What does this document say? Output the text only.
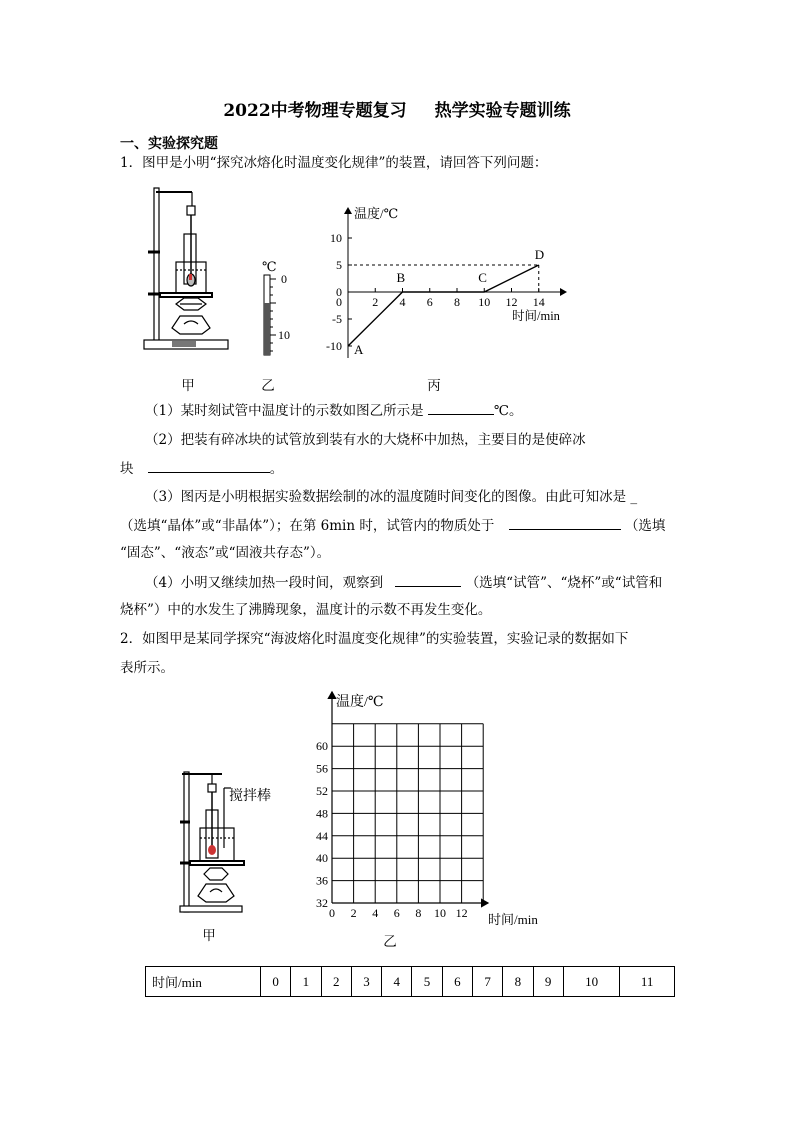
2022中考物理专题复习 热学实验专题训练
一、实验探究题
1．图甲是小明“探究冰熔化时温度变化规律”的装置，请回答下列问题：
℃
0
10
温度/℃
时间/min
10
5
0
-5
-10
0	2 4 6 8 10 12 14
A
B	C
D
甲	乙	丙
（1）某时刻试管中温度计的示数如图乙所示是	℃。
（2）把装有碎冰块的试管放到装有水的大烧杯中加热，主要目的是使碎冰
块	。
（3）图丙是小明根据实验数据绘制的冰的温度随时间变化的图像。由此可知冰是 _
（选填“晶体”或“非晶体”）；在第 6min 时，试管内的物质处于	（选填
“固态”、“液态”或“固液共存态”）。
（4）小明又继续加热一段时间，观察到	（选填“试管”、“烧杯”或“试管和
烧杯”）中的水发生了沸腾现象，温度计的示数不再发生变化。
2．如图甲是某同学探究“海波熔化时温度变化规律”的实验装置，实验记录的数据如下
表所示。
搅拌棒
温度/℃
时间/min
60
56
52
48
44
40
36
32
0 2 4 6 8 10 12
甲	乙
时间/min	0	1	2	3	4	5	6	7	8	9	10	11
